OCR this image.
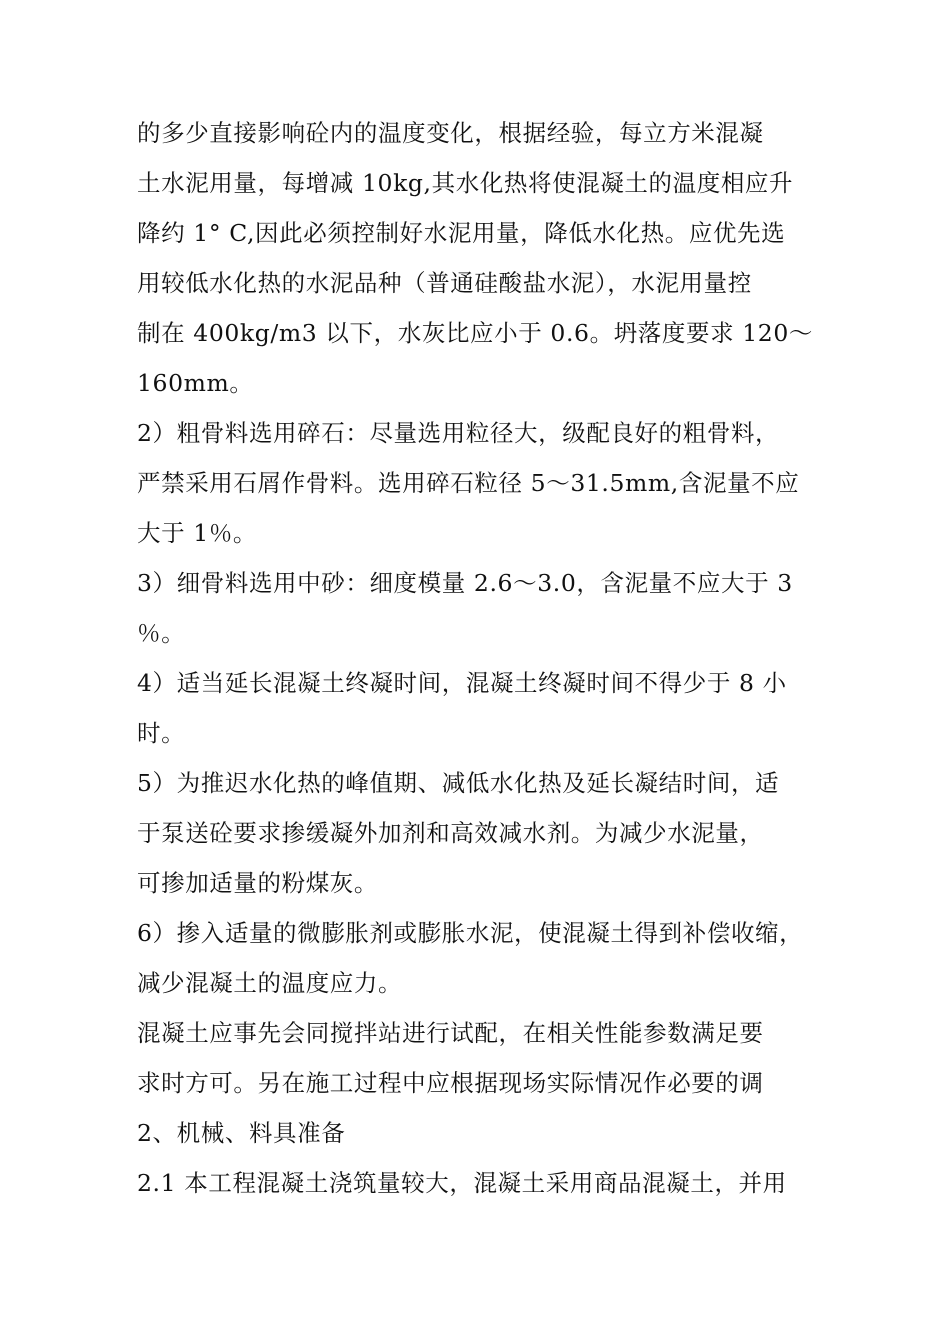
的多少直接影响砼内的温度变化，根据经验，每立方米混凝
土水泥用量，每增减 10kg,其水化热将使混凝土的温度相应升
降约 1° C,因此必须控制好水泥用量，降低水化热。应优先选
用较低水化热的水泥品种（普通硅酸盐水泥），水泥用量控
制在 400kg/m3 以下，水灰比应小于 0.6。坍落度要求 120～
160mm。
2）粗骨料选用碎石：尽量选用粒径大，级配良好的粗骨料，
严禁采用石屑作骨料。选用碎石粒径 5～31.5mm,含泥量不应
大于 1％。
3）细骨料选用中砂：细度模量 2.6～3.0，含泥量不应大于 3
％。
4）适当延长混凝土终凝时间，混凝土终凝时间不得少于 8 小
时。
5）为推迟水化热的峰值期、减低水化热及延长凝结时间，适
于泵送砼要求掺缓凝外加剂和高效减水剂。为减少水泥量，
可掺加适量的粉煤灰。
6）掺入适量的微膨胀剂或膨胀水泥，使混凝土得到补偿收缩，
减少混凝土的温度应力。
混凝土应事先会同搅拌站进行试配，在相关性能参数满足要
求时方可。另在施工过程中应根据现场实际情况作必要的调
2、机械、料具准备
2.1 本工程混凝土浇筑量较大，混凝土采用商品混凝土，并用
